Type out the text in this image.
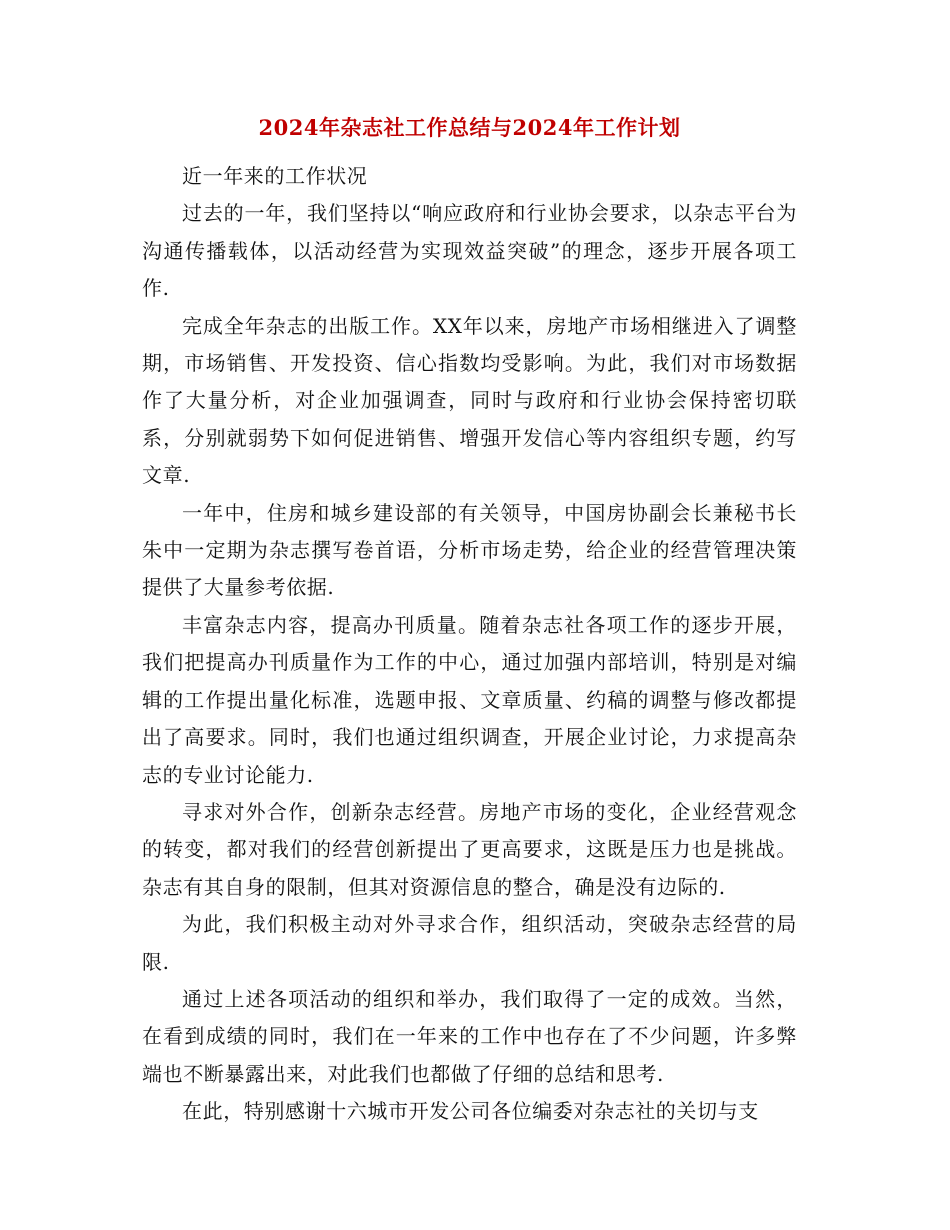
2024年杂志社工作总结与2024年工作计划

近一年来的工作状况

过去的一年，我们坚持以“响应政府和行业协会要求，以杂志平台为沟通传播载体，以活动经营为实现效益突破”的理念，逐步开展各项工作.

完成全年杂志的出版工作。XX年以来，房地产市场相继进入了调整期，市场销售、开发投资、信心指数均受影响。为此，我们对市场数据作了大量分析，对企业加强调查，同时与政府和行业协会保持密切联系，分别就弱势下如何促进销售、增强开发信心等内容组织专题，约写文章.

一年中，住房和城乡建设部的有关领导，中国房协副会长兼秘书长朱中一定期为杂志撰写卷首语，分析市场走势，给企业的经营管理决策提供了大量参考依据.

丰富杂志内容，提高办刊质量。随着杂志社各项工作的逐步开展，我们把提高办刊质量作为工作的中心，通过加强内部培训，特别是对编辑的工作提出量化标准，选题申报、文章质量、约稿的调整与修改都提出了高要求。同时，我们也通过组织调查，开展企业讨论，力求提高杂志的专业讨论能力.

寻求对外合作，创新杂志经营。房地产市场的变化，企业经营观念的转变，都对我们的经营创新提出了更高要求，这既是压力也是挑战。杂志有其自身的限制，但其对资源信息的整合，确是没有边际的.

为此，我们积极主动对外寻求合作，组织活动，突破杂志经营的局限.

通过上述各项活动的组织和举办，我们取得了一定的成效。当然，在看到成绩的同时，我们在一年来的工作中也存在了不少问题，许多弊端也不断暴露出来，对此我们也都做了仔细的总结和思考.

在此，特别感谢十六城市开发公司各位编委对杂志社的关切与支
